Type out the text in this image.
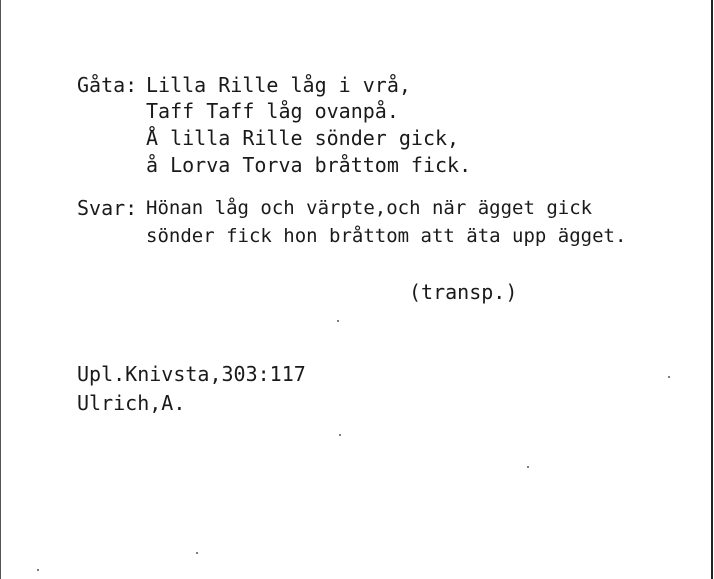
Gåta: Lilla Rille låg i vrå,
Taff Taff låg ovanpå.
Å lilla Rille sönder gick,
å Lorva Torva bråttom fick.
Svar: Hönan låg och värpte,och när ägget gick
sönder fick hon bråttom att äta upp ägget.
(transp.)
Upl.Knivsta,303:117
Ulrich,A.
